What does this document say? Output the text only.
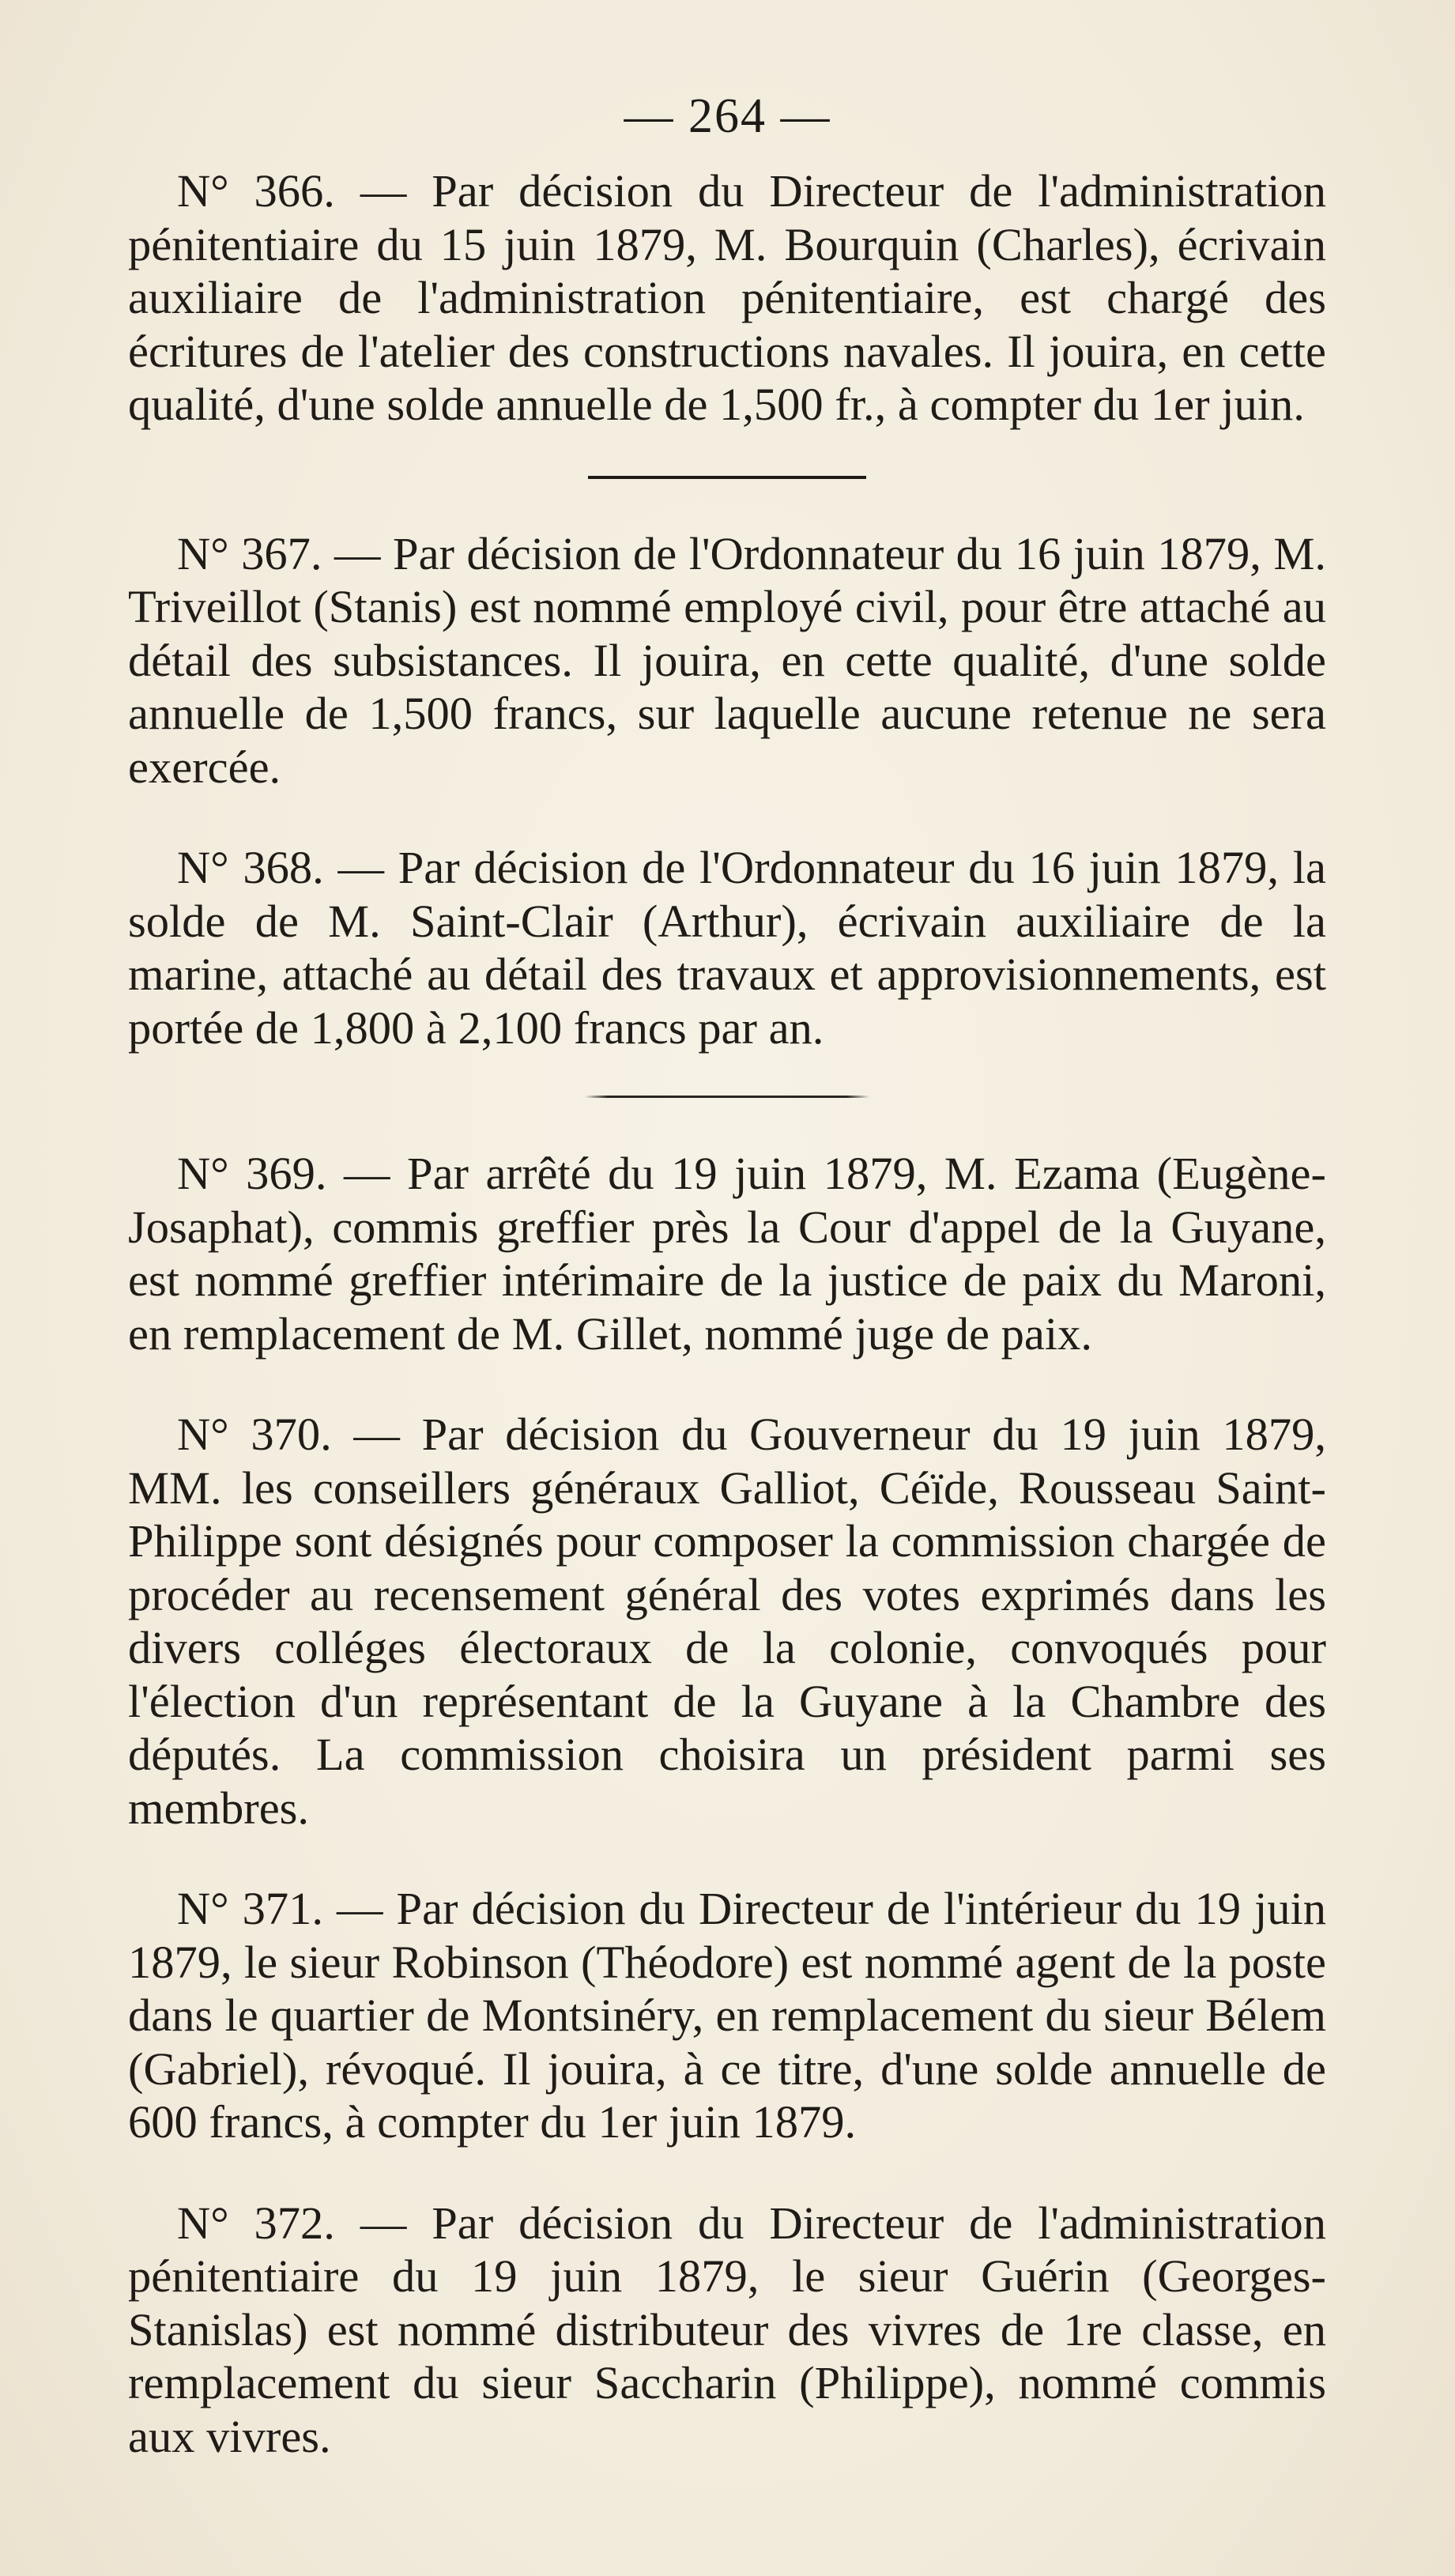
— 264 —

N° 366. — Par décision du Directeur de l'administration pénitentiaire du 15 juin 1879, M. Bourquin (Charles), écrivain auxiliaire de l'administration pénitentiaire, est chargé des écritures de l'atelier des constructions navales. Il jouira, en cette qualité, d'une solde annuelle de 1,500 fr., à compter du 1er juin.

N° 367. — Par décision de l'Ordonnateur du 16 juin 1879, M. Triveillot (Stanis) est nommé employé civil, pour être attaché au détail des subsistances. Il jouira, en cette qualité, d'une solde annuelle de 1,500 francs, sur laquelle aucune retenue ne sera exercée.

N° 368. — Par décision de l'Ordonnateur du 16 juin 1879, la solde de M. Saint-Clair (Arthur), écrivain auxiliaire de la marine, attaché au détail des travaux et approvisionnements, est portée de 1,800 à 2,100 francs par an.

N° 369. — Par arrêté du 19 juin 1879, M. Ezama (Eugène-Josaphat), commis greffier près la Cour d'appel de la Guyane, est nommé greffier intérimaire de la justice de paix du Maroni, en remplacement de M. Gillet, nommé juge de paix.

N° 370. — Par décision du Gouverneur du 19 juin 1879, MM. les conseillers généraux Galliot, Céïde, Rousseau Saint-Philippe sont désignés pour composer la commission chargée de procéder au recensement général des votes exprimés dans les divers colléges électoraux de la colonie, convoqués pour l'élection d'un représentant de la Guyane à la Chambre des députés. La commission choisira un président parmi ses membres.

N° 371. — Par décision du Directeur de l'intérieur du 19 juin 1879, le sieur Robinson (Théodore) est nommé agent de la poste dans le quartier de Montsinéry, en remplacement du sieur Bélem (Gabriel), révoqué. Il jouira, à ce titre, d'une solde annuelle de 600 francs, à compter du 1er juin 1879.

N° 372. — Par décision du Directeur de l'administration pénitentiaire du 19 juin 1879, le sieur Guérin (Georges-Stanislas) est nommé distributeur des vivres de 1re classe, en remplacement du sieur Saccharin (Philippe), nommé commis aux vivres.
